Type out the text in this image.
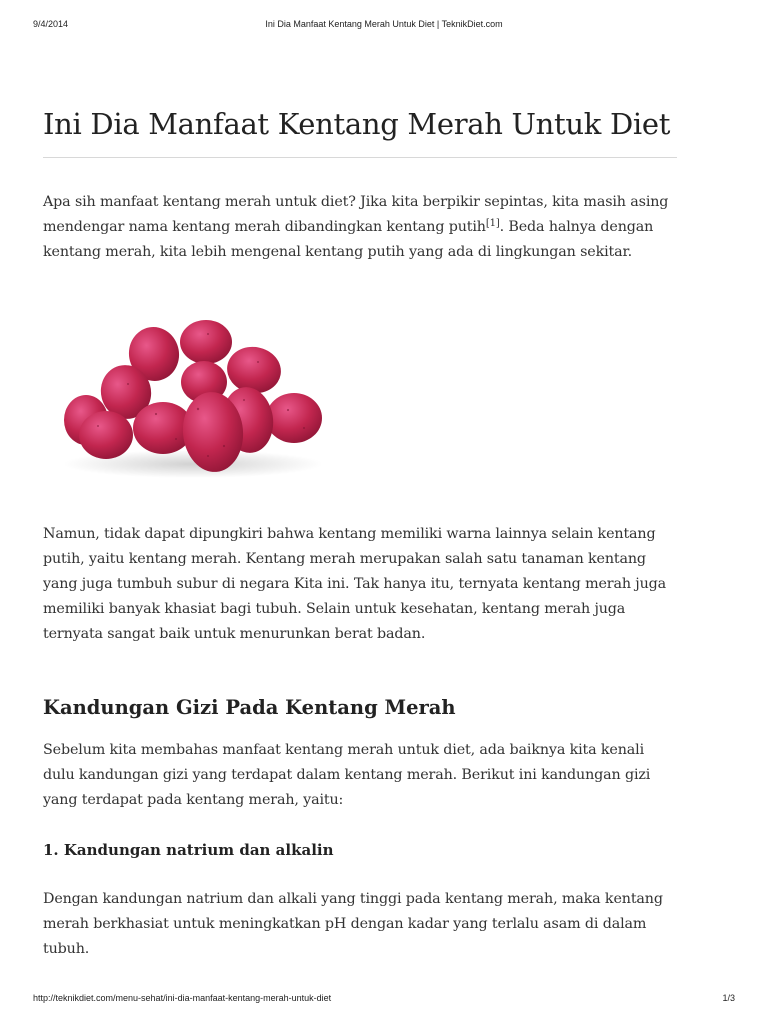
9/4/2014	Ini Dia Manfaat Kentang Merah Untuk Diet | TeknikDiet.com
Ini Dia Manfaat Kentang Merah Untuk Diet

Apa sih manfaat kentang merah untuk diet? Jika kita berpikir sepintas, kita masih asing mendengar nama kentang merah dibandingkan kentang putih[1]. Beda halnya dengan kentang merah, kita lebih mengenal kentang putih yang ada di lingkungan sekitar.

Namun, tidak dapat dipungkiri bahwa kentang memiliki warna lainnya selain kentang putih, yaitu kentang merah. Kentang merah merupakan salah satu tanaman kentang yang juga tumbuh subur di negara Kita ini. Tak hanya itu, ternyata kentang merah juga memiliki banyak khasiat bagi tubuh. Selain untuk kesehatan, kentang merah juga ternyata sangat baik untuk menurunkan berat badan.

Kandungan Gizi Pada Kentang Merah

Sebelum kita membahas manfaat kentang merah untuk diet, ada baiknya kita kenali dulu kandungan gizi yang terdapat dalam kentang merah. Berikut ini kandungan gizi yang terdapat pada kentang merah, yaitu:

1. Kandungan natrium dan alkalin

Dengan kandungan natrium dan alkali yang tinggi pada kentang merah, maka kentang merah berkhasiat untuk meningkatkan pH dengan kadar yang terlalu asam di dalam tubuh.

http://teknikdiet.com/menu-sehat/ini-dia-manfaat-kentang-merah-untuk-diet	1/3
